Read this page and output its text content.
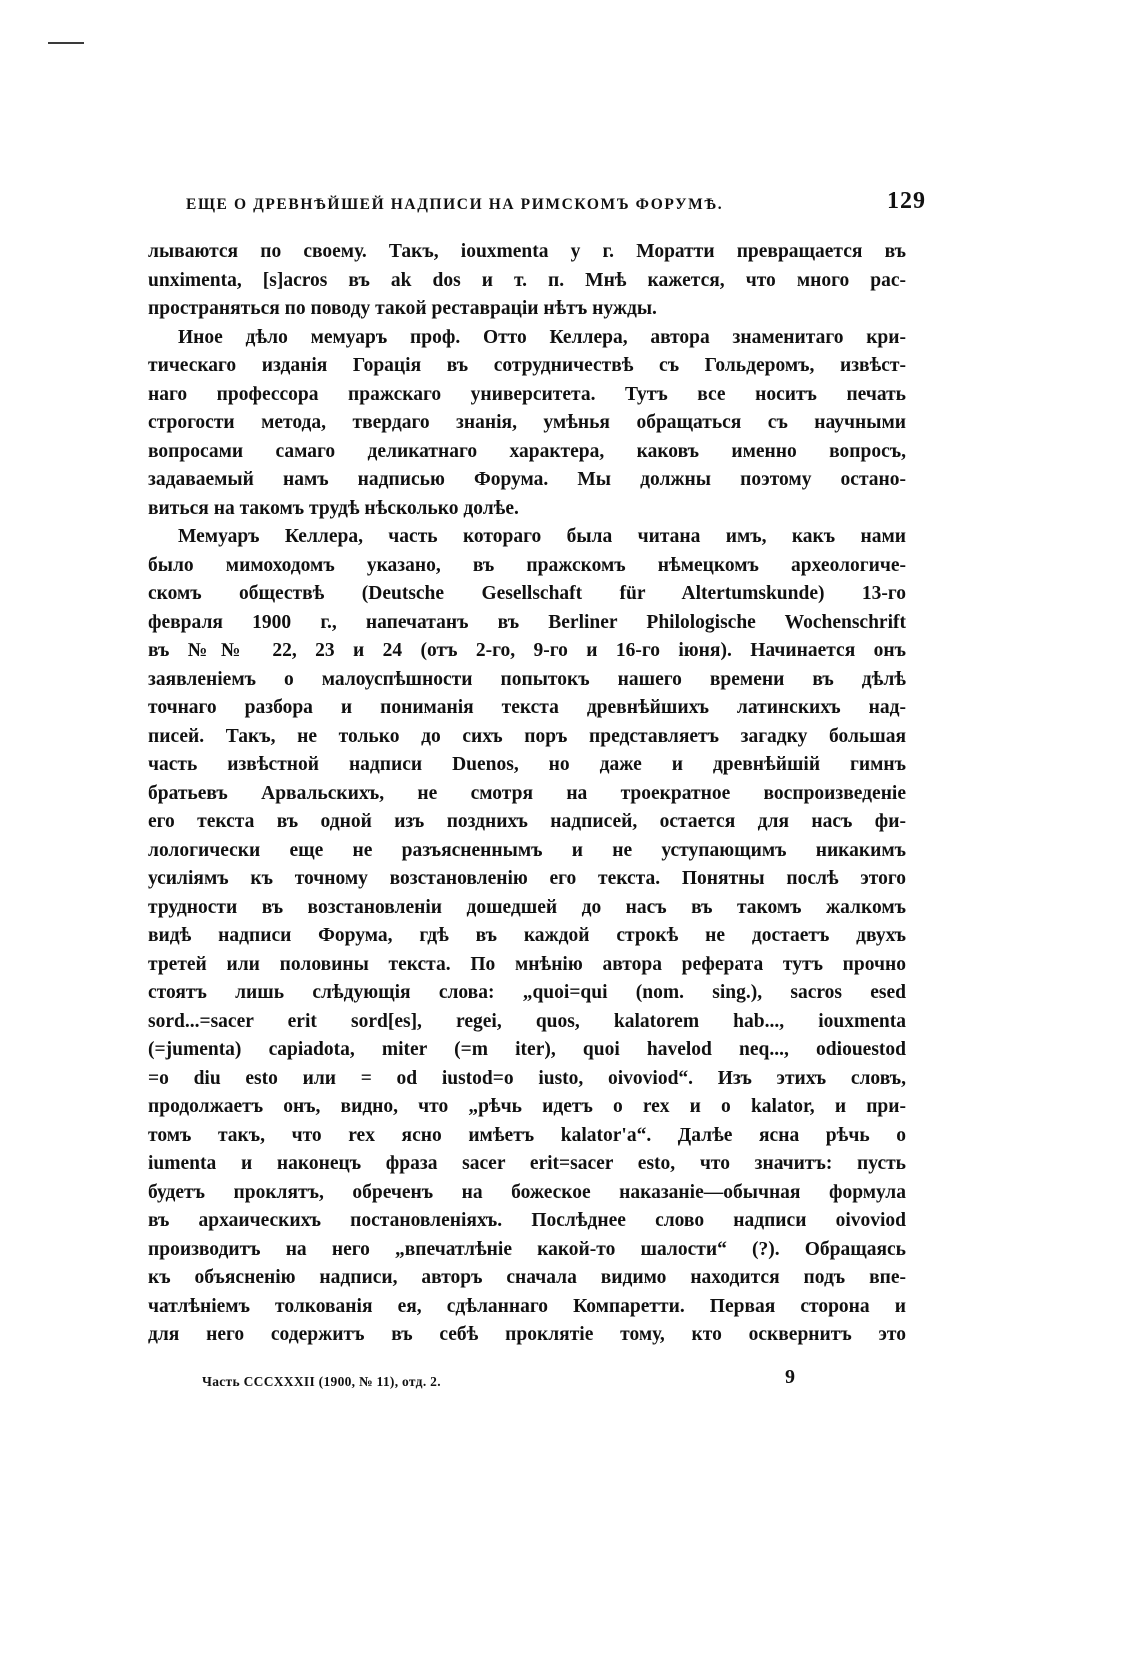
ЕЩЕ О ДРЕВНѢЙШЕЙ НАДПИСИ НА РИМСКОМЪ ФОРУМѢ.	129
лываются по своему. Такъ, iouxmenta у г. Моратти превращается въ
unximenta, [s]acros въ ak dos и т. п. Мнѣ кажется, что много рас-
пространяться по поводу такой реставраціи нѣтъ нужды.
Иное дѣло мемуаръ проф. Отто Келлера, автора знаменитаго кри-
тическаго изданія Горація въ сотрудничествѣ съ Гольдеромъ, извѣст-
наго профессора пражскаго университета. Тутъ все носитъ печать
строгости метода, твердаго знанія, умѣнья обращаться съ научными
вопросами самаго деликатнаго характера, каковъ именно вопросъ,
задаваемый намъ надписью Форума. Мы должны поэтому остано-
виться на такомъ трудѣ нѣсколько долѣе.
Мемуаръ Келлера, часть котораго была читана имъ, какъ нами
было мимоходомъ указано, въ пражскомъ нѣмецкомъ археологиче-
скомъ обществѣ (Deutsche Gesellschaft für Altertumskunde) 13-го
февраля 1900 г., напечатанъ въ Berliner Philologische Wochenschrift
въ №№ 22, 23 и 24 (отъ 2-го, 9-го и 16-го іюня). Начинается онъ
заявленіемъ о малоуспѣшности попытокъ нашего времени въ дѣлѣ
точнаго разбора и пониманія текста древнѣйшихъ латинскихъ над-
писей. Такъ, не только до сихъ поръ представляетъ загадку большая
часть извѣстной надписи Duenos, но даже и древнѣйшій гимнъ
братьевъ Арвальскихъ, не смотря на троекратное воспроизведеніе
его текста въ одной изъ позднихъ надписей, остается для насъ фи-
лологически еще не разъясненнымъ и не уступающимъ никакимъ
усиліямъ къ точному возстановленію его текста. Понятны послѣ этого
трудности въ возстановленіи дошедшей до насъ въ такомъ жалкомъ
видѣ надписи Форума, гдѣ въ каждой строкѣ не достаетъ двухъ
третей или половины текста. По мнѣнію автора реферата тутъ прочно
стоятъ лишь слѣдующія слова: „quoi=qui (nom. sing.), sacros esed
sord...=sacer erit sord[es], regei, quos, kalatorem hab..., iouxmenta
(=jumenta) capiadota, miter (=m iter), quoi havelod neq..., odiouestod
=o diu esto или = od iustod=o iusto, oivoviod“. Изъ этихъ словъ,
продолжаетъ онъ, видно, что „рѣчь идетъ о rex и о kalator, и при-
томъ такъ, что rex ясно имѣетъ kalator'a“. Далѣе ясна рѣчь о
iumenta и наконецъ фраза sacer erit=sacer esto, что значитъ: пусть
будетъ проклятъ, обреченъ на божеское наказаніе—обычная формула
въ архаическихъ постановленіяхъ. Послѣднее слово надписи oivoviod
производитъ на него „впечатлѣніе какой-то шалости“ (?). Обращаясь
къ объясненію надписи, авторъ сначала видимо находится подъ впе-
чатлѣніемъ толкованія ея, сдѣланнаго Компаретти. Первая сторона и
для него содержитъ въ себѣ проклятіе тому, кто осквернитъ это
Часть CCCXXXII (1900, № 11), отд. 2.	9
